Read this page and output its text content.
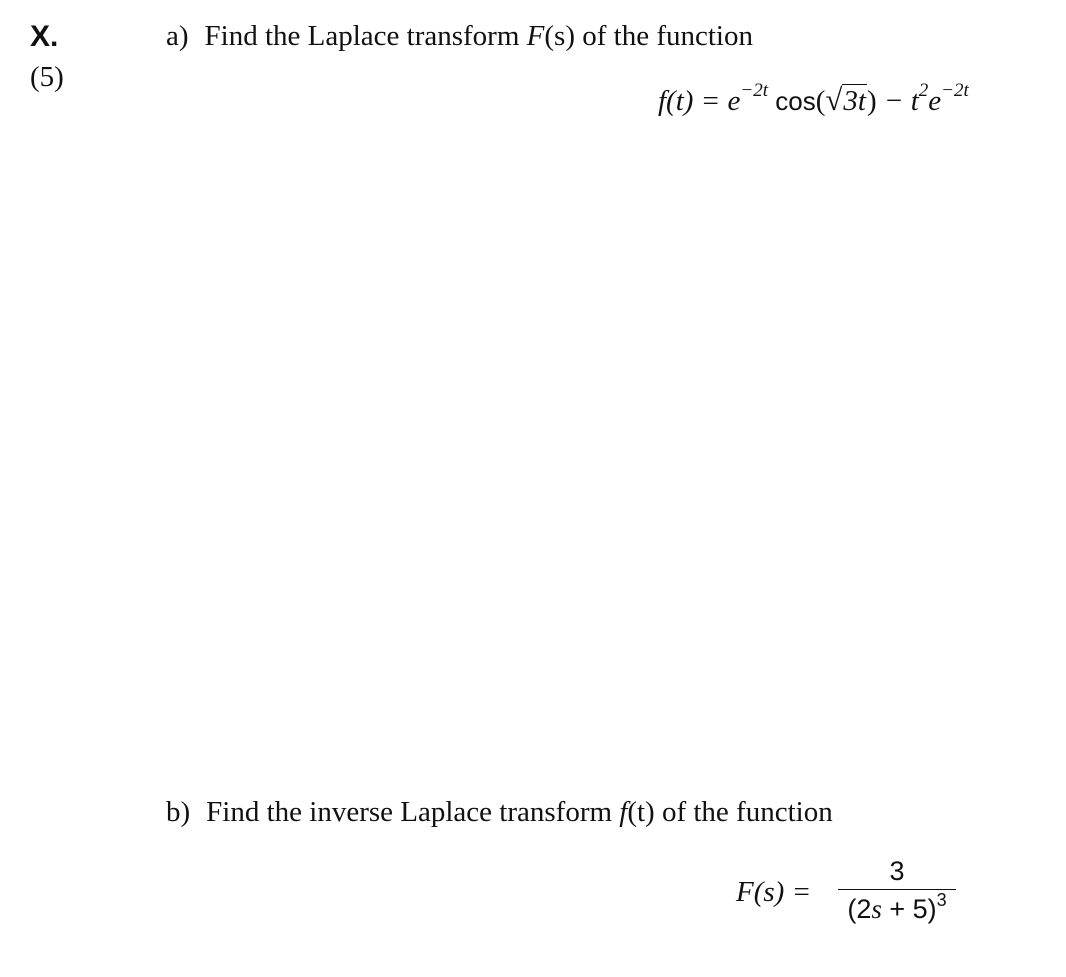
X.
(5)
a) Find the Laplace transform F(s) of the function
$f(t) = e^{-2t}$ $\cos(√3t) - t^2e^{-2t}$
b) Find the inverse Laplace transform f(t) of the function
F(s) =
3
$(2s + 5)^3$
